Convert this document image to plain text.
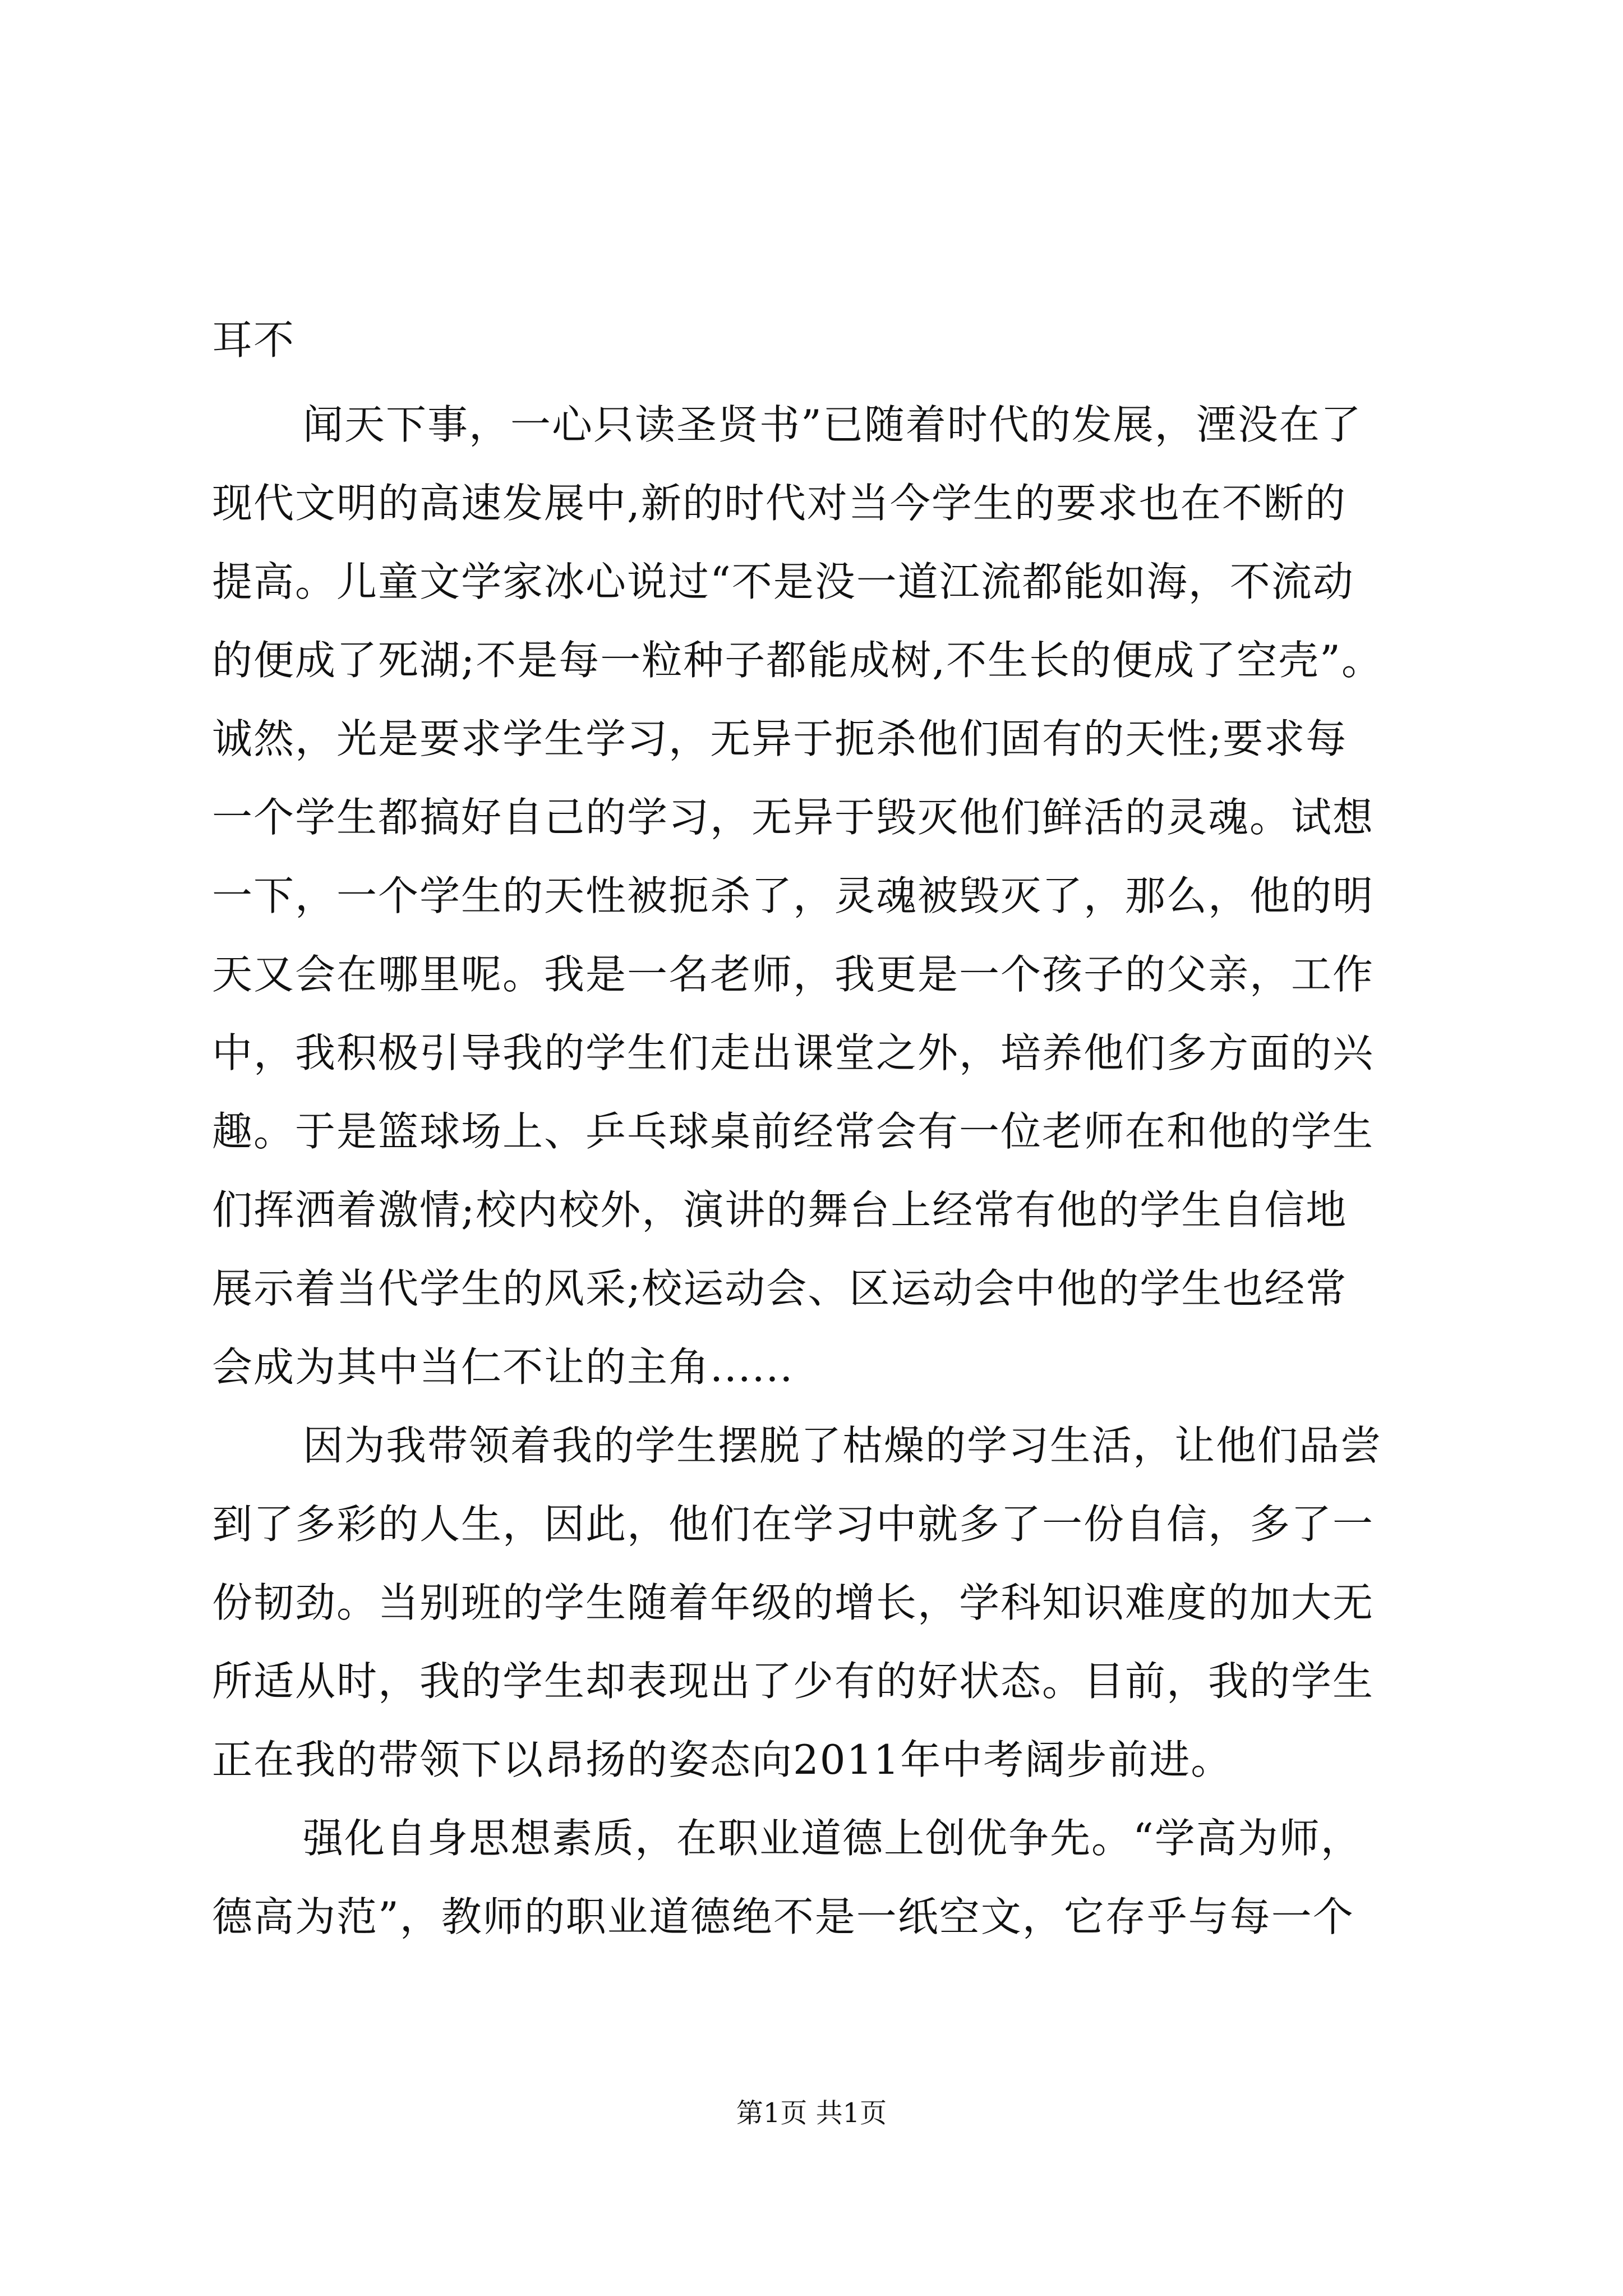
耳不

闻天下事，一心只读圣贤书”已随着时代的发展，湮没在了

现代文明的高速发展中,新的时代对当今学生的要求也在不断的

提高。儿童文学家冰心说过“不是没一道江流都能如海，不流动

的便成了死湖;不是每一粒种子都能成树,不生长的便成了空壳”。

诚然，光是要求学生学习，无异于扼杀他们固有的天性;要求每

一个学生都搞好自己的学习，无异于毁灭他们鲜活的灵魂。试想

一下，一个学生的天性被扼杀了，灵魂被毁灭了，那么，他的明

天又会在哪里呢。我是一名老师，我更是一个孩子的父亲，工作

中，我积极引导我的学生们走出课堂之外，培养他们多方面的兴

趣。于是篮球场上、乒乓球桌前经常会有一位老师在和他的学生

们挥洒着激情;校内校外，演讲的舞台上经常有他的学生自信地

展示着当代学生的风采;校运动会、区运动会中他的学生也经常

会成为其中当仁不让的主角......

因为我带领着我的学生摆脱了枯燥的学习生活，让他们品尝

到了多彩的人生，因此，他们在学习中就多了一份自信，多了一

份韧劲。当别班的学生随着年级的增长，学科知识难度的加大无

所适从时，我的学生却表现出了少有的好状态。目前，我的学生

正在我的带领下以昂扬的姿态向2011年中考阔步前进。

强化自身思想素质，在职业道德上创优争先。“学高为师，

德高为范”，教师的职业道德绝不是一纸空文，它存乎与每一个

第1页 共1页
